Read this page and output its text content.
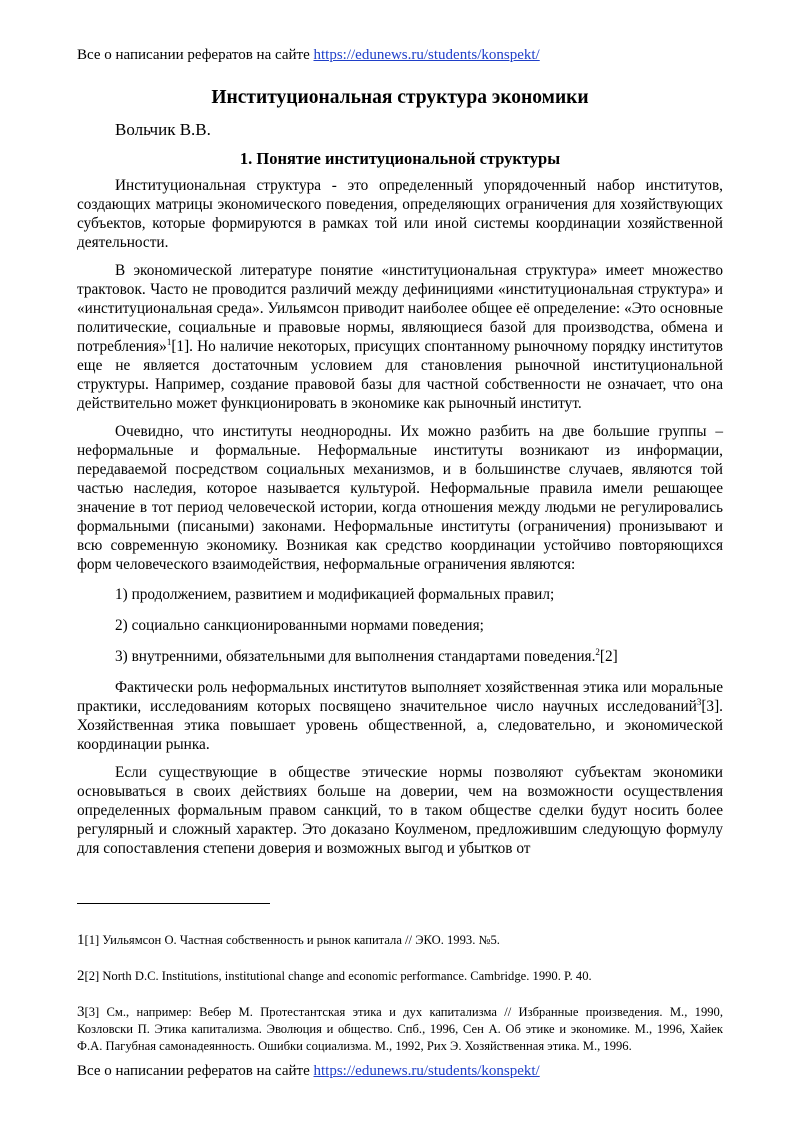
Все о написании рефератов на сайте https://edunews.ru/students/konspekt/
Институциональная структура экономики
Вольчик В.В.
1. Понятие институциональной структуры

Институциональная структура - это определенный упорядоченный набор институтов, создающих матрицы экономического поведения, определяющих ограничения для хозяйствующих субъектов, которые формируются в рамках той или иной системы координации хозяйственной деятельности.

В экономической литературе понятие «институциональная структура» имеет множество трактовок. Часто не проводится различий между дефинициями «институциональная структура» и «институциональная среда». Уильямсон приводит наиболее общее её определение: «Это основные политические, социальные и правовые нормы, являющиеся базой для производства, обмена и потребления»$^1$[1]. Но наличие некоторых, присущих спонтанному рыночному порядку институтов еще не является достаточным условием для становления рыночной институциональной структуры. Например, создание правовой базы для частной собственности не означает, что она действительно может функционировать в экономике как рыночный институт.

Очевидно, что институты неоднородны. Их можно разбить на две большие группы – неформальные и формальные. Неформальные институты возникают из информации, передаваемой посредством социальных механизмов, и в большинстве случаев, являются той частью наследия, которое называется культурой. Неформальные правила имели решающее значение в тот период человеческой истории, когда отношения между людьми не регулировались формальными (писаными) законами. Неформальные институты (ограничения) пронизывают и всю современную экономику. Возникая как средство координации устойчиво повторяющихся форм человеческого взаимодействия, неформальные ограничения являются:

1) продолжением, развитием и модификацией формальных правил;

2) социально санкционированными нормами поведения;

3) внутренними, обязательными для выполнения стандартами поведения.$^2$[2]

Фактически роль неформальных институтов выполняет хозяйственная этика или моральные практики, исследованиям которых посвящено значительное число научных исследований$^3$[3]. Хозяйственная этика повышает уровень общественной, а, следовательно, и экономической координации рынка.

Если существующие в обществе этические нормы позволяют субъектам экономики основываться в своих действиях больше на доверии, чем на возможности осуществления определенных формальным правом санкций, то в таком обществе сделки будут носить более регулярный и сложный характер. Это доказано Коулменом, предложившим следующую формулу для сопоставления степени доверия и возможных выгод и убытков от

1[1] Уильямсон О. Частная собственность и рынок капитала // ЭКО. 1993. №5.
2[2] North D.C. Institutions, institutional change and economic performance. Cambridge. 1990. P. 40.
3[3] См., например: Вебер М. Протестантская этика и дух капитализма // Избранные произведения. М., 1990, Козловски П. Этика капитализма. Эволюция и общество. Спб., 1996, Сен А. Об этике и экономике. М., 1996, Хайек Ф.А. Пагубная самонадеянность. Ошибки социализма. М., 1992, Рих Э. Хозяйственная этика. М., 1996.
Все о написании рефератов на сайте https://edunews.ru/students/konspekt/
